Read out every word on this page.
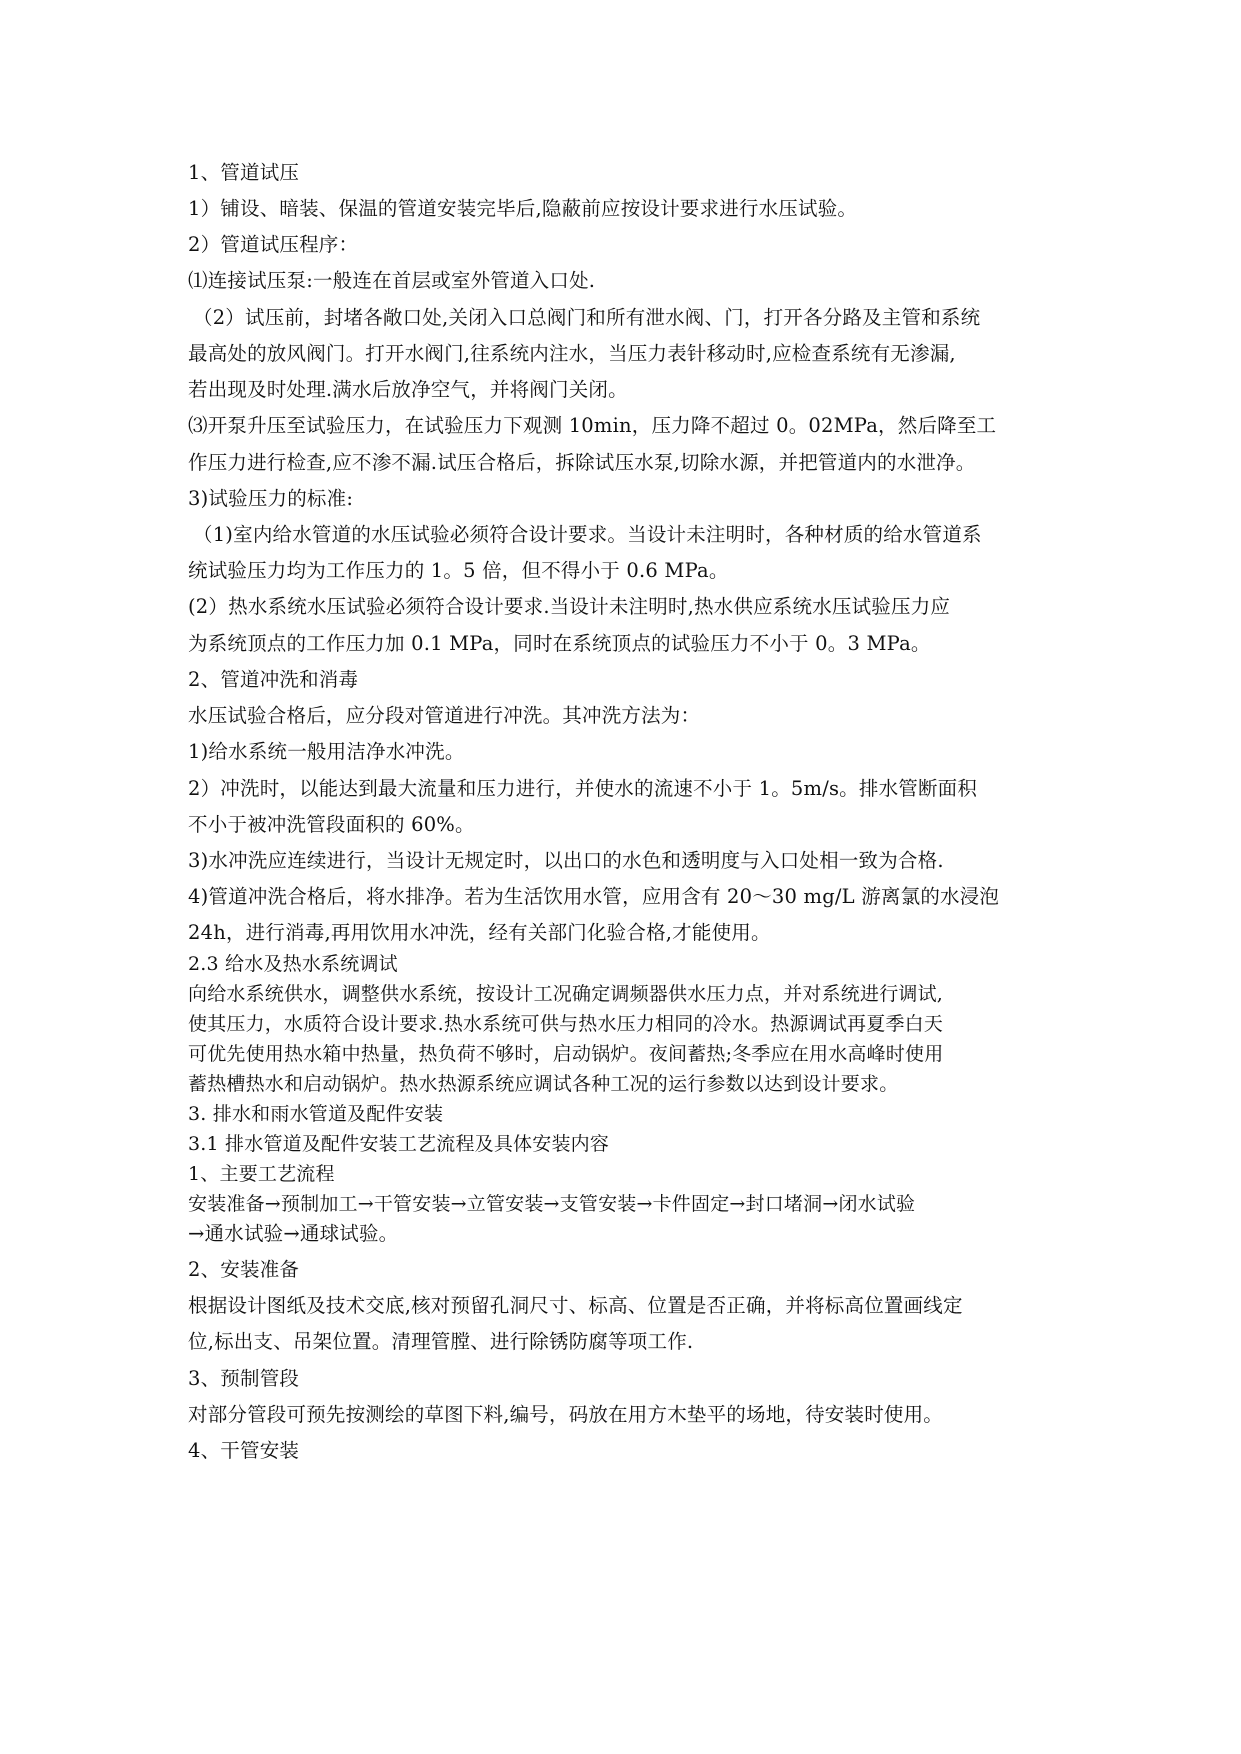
1、管道试压
1）铺设、暗装、保温的管道安装完毕后,隐蔽前应按设计要求进行水压试验。
2）管道试压程序：
⑴连接试压泵:一般连在首层或室外管道入口处.
（2）试压前，封堵各敞口处,关闭入口总阀门和所有泄水阀、门，打开各分路及主管和系统
最高处的放风阀门。打开水阀门,往系统内注水，当压力表针移动时,应检查系统有无渗漏,
若出现及时处理.满水后放净空气，并将阀门关闭。
⑶开泵升压至试验压力，在试验压力下观测 10min，压力降不超过 0。02MPa，然后降至工
作压力进行检查,应不渗不漏.试压合格后，拆除试压水泵,切除水源，并把管道内的水泄净。
3)试验压力的标准:
（1)室内给水管道的水压试验必须符合设计要求。当设计未注明时，各种材质的给水管道系
统试验压力均为工作压力的 1。5 倍，但不得小于 0.6 MPa。
(2）热水系统水压试验必须符合设计要求.当设计未注明时,热水供应系统水压试验压力应
为系统顶点的工作压力加 0.1 MPa，同时在系统顶点的试验压力不小于 0。3 MPa。
2、管道冲洗和消毒
水压试验合格后，应分段对管道进行冲洗。其冲洗方法为：
1)给水系统一般用洁净水冲洗。
2）冲洗时，以能达到最大流量和压力进行，并使水的流速不小于 1。5m/s。排水管断面积
不小于被冲洗管段面积的 60%。
3)水冲洗应连续进行，当设计无规定时，以出口的水色和透明度与入口处相一致为合格.
4)管道冲洗合格后，将水排净。若为生活饮用水管，应用含有 20～30 mg/L 游离氯的水浸泡
24h，进行消毒,再用饮用水冲洗，经有关部门化验合格,才能使用。
2.3 给水及热水系统调试
向给水系统供水，调整供水系统，按设计工况确定调频器供水压力点，并对系统进行调试,
使其压力，水质符合设计要求.热水系统可供与热水压力相同的冷水。热源调试再夏季白天
可优先使用热水箱中热量，热负荷不够时，启动锅炉。夜间蓄热;冬季应在用水高峰时使用
蓄热槽热水和启动锅炉。热水热源系统应调试各种工况的运行参数以达到设计要求。
3. 排水和雨水管道及配件安装
3.1 排水管道及配件安装工艺流程及具体安装内容
1、主要工艺流程
安装准备→预制加工→干管安装→立管安装→支管安装→卡件固定→封口堵洞→闭水试验
→通水试验→通球试验。
2、安装准备
根据设计图纸及技术交底,核对预留孔洞尺寸、标高、位置是否正确，并将标高位置画线定
位,标出支、吊架位置。清理管膛、进行除锈防腐等项工作.
3、预制管段
对部分管段可预先按测绘的草图下料,编号，码放在用方木垫平的场地，待安装时使用。
4、干管安装
